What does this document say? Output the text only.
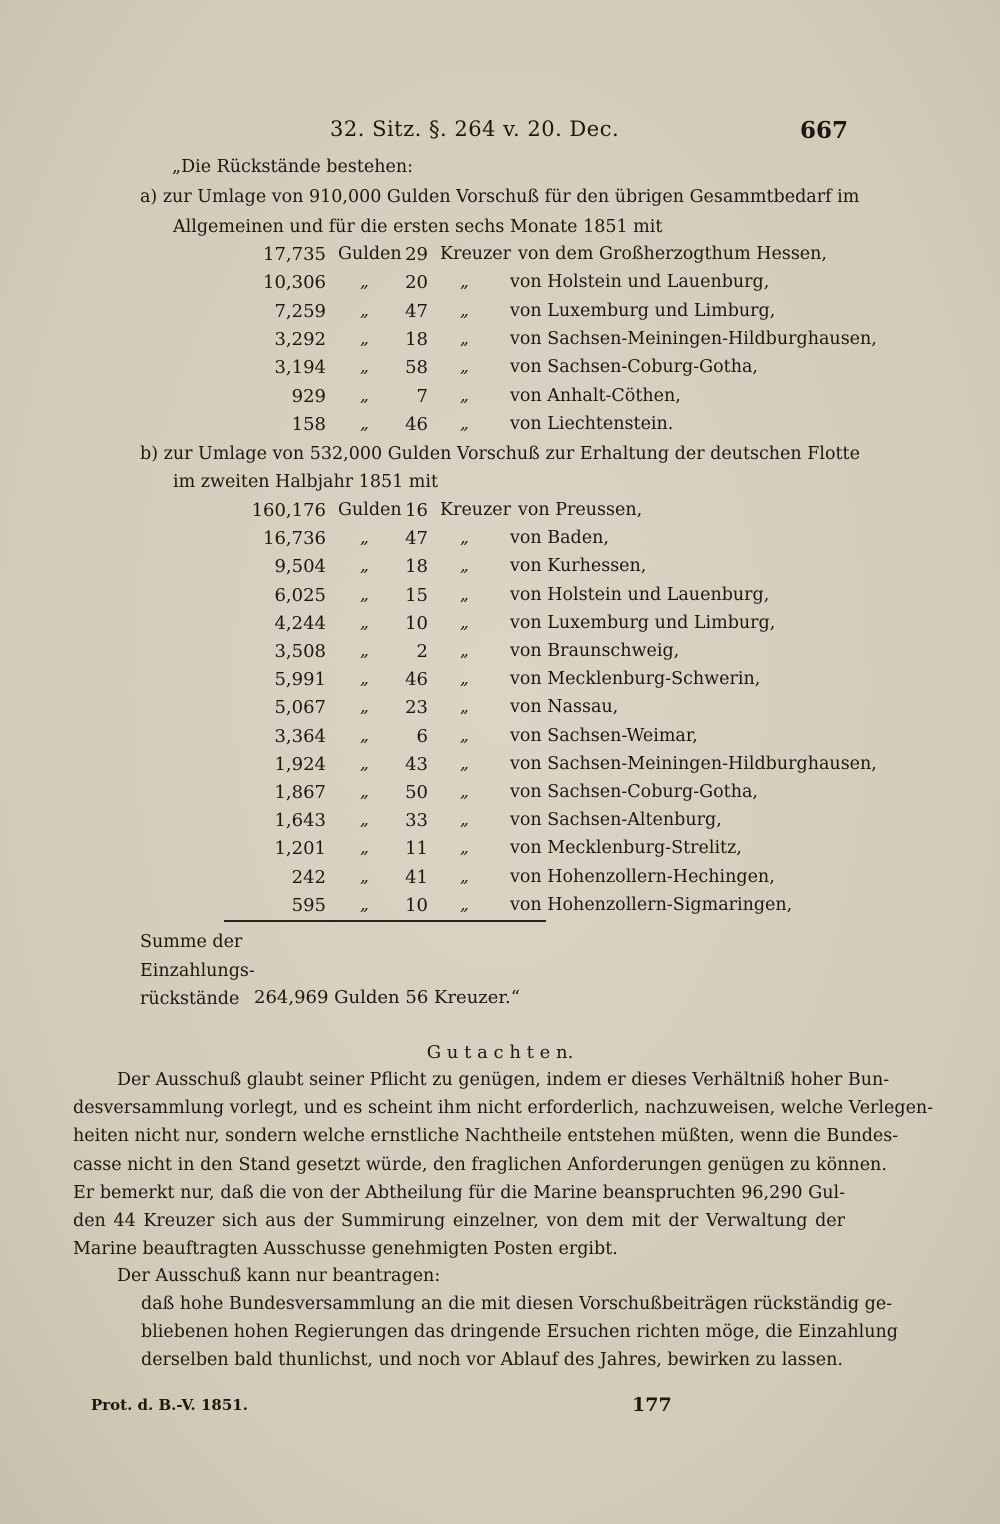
32. Sitz. §. 264 v. 20. Dec.	667
„Die Rückstände bestehen:
a) zur Umlage von 910,000 Gulden Vorschuß für den übrigen Gesammtbedarf im
Allgemeinen und für die ersten sechs Monate 1851 mit
17,735 Gulden 29 Kreuzer von dem Großherzogthum Hessen,
10,306 „	20 „ von Holstein und Lauenburg,
7,259 „	47 „ von Luxemburg und Limburg,
3,292 „	18 „ von Sachsen-Meiningen-Hildburghausen,
3,194 „	58 „ von Sachsen-Coburg-Gotha,
929 „	7 „ von Anhalt-Cöthen,
158 „	46 „ von Liechtenstein.
b) zur Umlage von 532,000 Gulden Vorschuß zur Erhaltung der deutschen Flotte
im zweiten Halbjahr 1851 mit
160,176 Gulden 16 Kreuzer von Preussen,
16,736 „	47 „ von Baden,
9,504 „	18 „ von Kurhessen,
6,025 „	15 „ von Holstein und Lauenburg,
4,244 „	10 „ von Luxemburg und Limburg,
3,508 „	2 „ von Braunschweig,
5,991 „	46 „ von Mecklenburg-Schwerin,
5,067 „	23 „ von Nassau,
3,364 „	6 „ von Sachsen-Weimar,
1,924 „	43 „ von Sachsen-Meiningen-Hildburghausen,
1,867 „	50 „ von Sachsen-Coburg-Gotha,
1,643 „	33 „ von Sachsen-Altenburg,
1,201 „	11 „ von Mecklenburg-Strelitz,
242 „	41 „ von Hohenzollern-Hechingen,
595 „	10 „ von Hohenzollern-Sigmaringen,
Summe der
Einzahlungs-
rückstände 264,969 Gulden 56 Kreuzer.“
G u t a c h t e n.
Der Ausschuß glaubt seiner Pflicht zu genügen, indem er dieses Verhältniß hoher Bun-
desversammlung vorlegt, und es scheint ihm nicht erforderlich, nachzuweisen, welche Verlegen-
heiten nicht nur, sondern welche ernstliche Nachtheile entstehen müßten, wenn die Bundes-
casse nicht in den Stand gesetzt würde, den fraglichen Anforderungen genügen zu können.
Er bemerkt nur, daß die von der Abtheilung für die Marine beanspruchten 96,290 Gul-
den 44 Kreuzer sich aus der Summirung einzelner, von dem mit der Verwaltung der
Marine beauftragten Ausschusse genehmigten Posten ergibt.
Der Ausschuß kann nur beantragen:
daß hohe Bundesversammlung an die mit diesen Vorschußbeiträgen rückständig ge-
bliebenen hohen Regierungen das dringende Ersuchen richten möge, die Einzahlung
derselben bald thunlichst, und noch vor Ablauf des Jahres, bewirken zu lassen.
Prot. d. B.-V. 1851.	177
